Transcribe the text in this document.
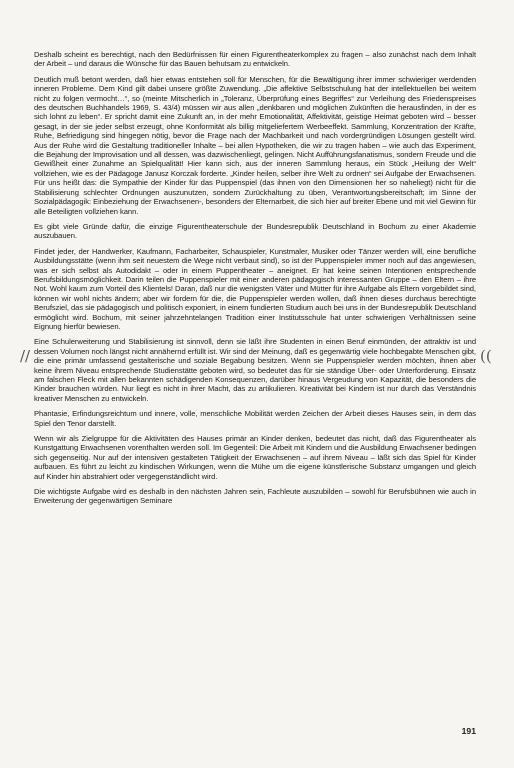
//	((

Deshalb scheint es berechtigt, nach den Bedürfnissen für einen Figurentheaterkomplex zu fragen – also zunächst nach dem Inhalt der Arbeit – und daraus die Wünsche für das Bauen behutsam zu entwickeln.

Deutlich muß betont werden, daß hier etwas entstehen soll für Menschen, für die Bewältigung ihrer immer schwieriger werdenden inneren Probleme. Dem Kind gilt dabei unsere größte Zuwendung. „Die affektive Selbstschulung hat der intellektuellen bei weitem nicht zu folgen vermocht…“, so (meinte Mitscherlich in „Toleranz, Überprüfung eines Begriffes“ zur Verleihung des Friedenspreises des deutschen Buchhandels 1969, S. 43/4) müssen wir aus allen „denkbaren und möglichen Zukünften die herausfinden, in der es sich lohnt zu leben“. Er spricht damit eine Zukunft an, in der mehr Emotionalität, Affektivität, geistige Heimat geboten wird – besser gesagt, in der sie jeder selbst erzeugt, ohne Konformität als billig mitgeliefertem Werbeeffekt. Sammlung, Konzentration der Kräfte, Ruhe, Befriedigung sind hingegen nötig, bevor die Frage nach der Machbarkeit und nach vordergründigen Lösungen gestellt wird. Aus der Ruhe wird die Gestaltung traditioneller Inhalte – bei allen Hypotheken, die wir zu tragen haben – wie auch das Experiment, die Bejahung der Improvisation und all dessen, was dazwischenliegt, gelingen. Nicht Aufführungsfanatismus, sondern Freude und die Gewißheit einer Zunahme an Spielqualität! Hier kann sich, aus der inneren Sammlung heraus, ein Stück „Heilung der Welt“ vollziehen, wie es der Pädagoge Janusz Korczak forderte. „Kinder heilen, selber ihre Welt zu ordnen“ sei Aufgabe der Erwachsenen. Für uns heißt das: die Sympathie der Kinder für das Puppenspiel (das ihnen von den Dimensionen her so naheliegt) nicht für die Stabilisierung schlechter Ordnungen auszunutzen, sondern Zurückhaltung zu üben, Verantwortungsbereitschaft; im Sinne der Sozialpädagogik: Einbeziehung der Erwachsenen-, besonders der Elternarbeit, die sich hier auf breiter Ebene und mit viel Gewinn für alle Beteiligten vollziehen kann.

Es gibt viele Gründe dafür, die einzige Figurentheaterschule der Bundesrepublik Deutschland in Bochum zu einer Akademie auszubauen.

Findet jeder, der Handwerker, Kaufmann, Facharbeiter, Schauspieler, Kunstmaler, Musiker oder Tänzer werden will, eine berufliche Ausbildungsstätte (wenn ihm seit neuestem die Wege nicht verbaut sind), so ist der Puppenspieler immer noch auf das angewiesen, was er sich selbst als Autodidakt – oder in einem Puppentheater – aneignet. Er hat keine seinen Intentionen entsprechende Berufsbildungsmöglichkeit. Darin teilen die Puppenspieler mit einer anderen pädagogisch interessanten Gruppe – den Eltern – ihre Not. Wohl kaum zum Vorteil des Klientels! Daran, daß nur die wenigsten Väter und Mütter für ihre Aufgabe als Eltern vorgebildet sind, können wir wohl nichts ändern; aber wir fordern für die, die Puppenspieler werden wollen, daß ihnen dieses durchaus berechtigte Berufsziel, das sie pädagogisch und politisch exponiert, in einem fundierten Studium auch bei uns in der Bundesrepublik Deutschland ermöglicht wird. Bochum, mit seiner jahrzehntelangen Tradition einer Institutsschule hat unter schwierigen Verhältnissen seine Eignung hierfür bewiesen.

Eine Schulerweiterung und Stabilisierung ist sinnvoll, denn sie läßt ihre Studenten in einen Beruf einmünden, der attraktiv ist und dessen Volumen noch längst nicht annähernd erfüllt ist. Wir sind der Meinung, daß es gegenwärtig viele hochbegabte Menschen gibt, die eine primär umfassend gestalterische und soziale Begabung besitzen. Wenn sie Puppenspieler werden möchten, ihnen aber keine ihrem Niveau entsprechende Studienstätte geboten wird, so bedeutet das für sie ständige Über- oder Unterforderung. Einsatz am falschen Fleck mit allen bekannten schädigenden Konsequenzen, darüber hinaus Vergeudung von Kapazität, die besonders die Kinder brauchen würden. Nur liegt es nicht in ihrer Macht, das zu artikulieren. Kreativität bei Kindern ist nur durch das Verständnis kreativer Menschen zu entwickeln.

Phantasie, Erfindungsreichtum und innere, volle, menschliche Mobilität werden Zeichen der Arbeit dieses Hauses sein, in dem das Spiel den Tenor darstellt.

Wenn wir als Zielgruppe für die Aktivitäten des Hauses primär an Kinder denken, bedeutet das nicht, daß das Figurentheater als Kunstgattung Erwachsenen vorenthalten werden soll. Im Gegenteil: Die Arbeit mit Kindern und die Ausbildung Erwachsener bedingen sich gegenseitig. Nur auf der intensiven gestalteten Tätigkeit der Erwachsenen – auf ihrem Niveau – läßt sich das Spiel für Kinder aufbauen. Es führt zu leicht zu kindischen Wirkungen, wenn die Mühe um die eigene künstlerische Substanz umgangen und gleich auf Kinder hin abstrahiert oder vergegenständlicht wird.

Die wichtigste Aufgabe wird es deshalb in den nächsten Jahren sein, Fachleute auszubilden – sowohl für Berufsbühnen wie auch in Erweiterung der gegenwärtigen Seminare

191
